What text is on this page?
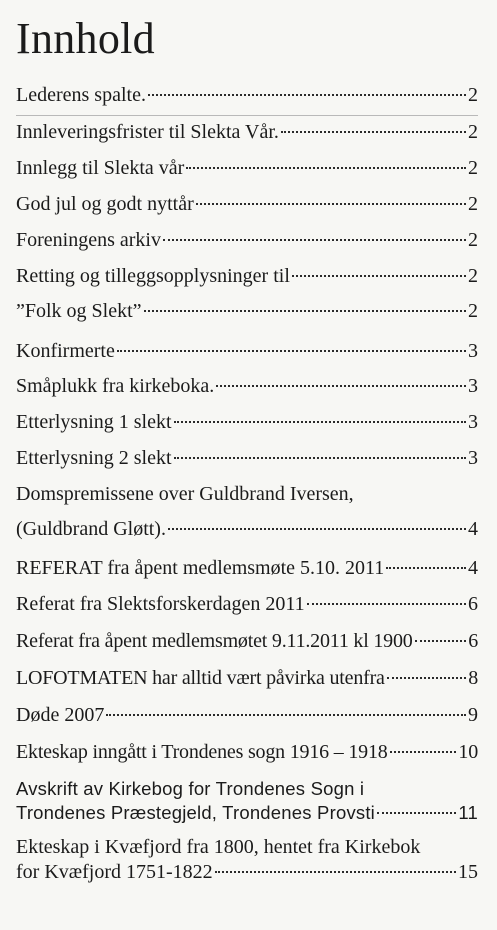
Innhold
Lederens spalte.	2
Innleveringsfrister til Slekta Vår.	2
Innlegg til Slekta vår	2
God jul og godt nyttår	2
Foreningens arkiv	2
Retting og tilleggsopplysninger til	2
”Folk og Slekt”	2
Konfirmerte	3
Småplukk fra kirkeboka.	3
Etterlysning 1 slekt	3
Etterlysning 2 slekt	3
Domspremissene over Guldbrand Iversen,
(Guldbrand Gløtt).	4
REFERAT fra åpent medlemsmøte 5.10. 2011	4
Referat fra Slektsforskerdagen 2011	6
Referat fra åpent medlemsmøtet 9.11.2011 kl 1900	6
LOFOTMATEN har alltid vært påvirka utenfra	8
Døde 2007	9
Ekteskap inngått i Trondenes sogn 1916 – 1918	10
Avskrift av Kirkebog for Trondenes Sogn i
Trondenes Præstegjeld, Trondenes Provsti	11
Ekteskap i Kvæfjord fra 1800, hentet fra Kirkebok
for Kvæfjord 1751-1822	15
